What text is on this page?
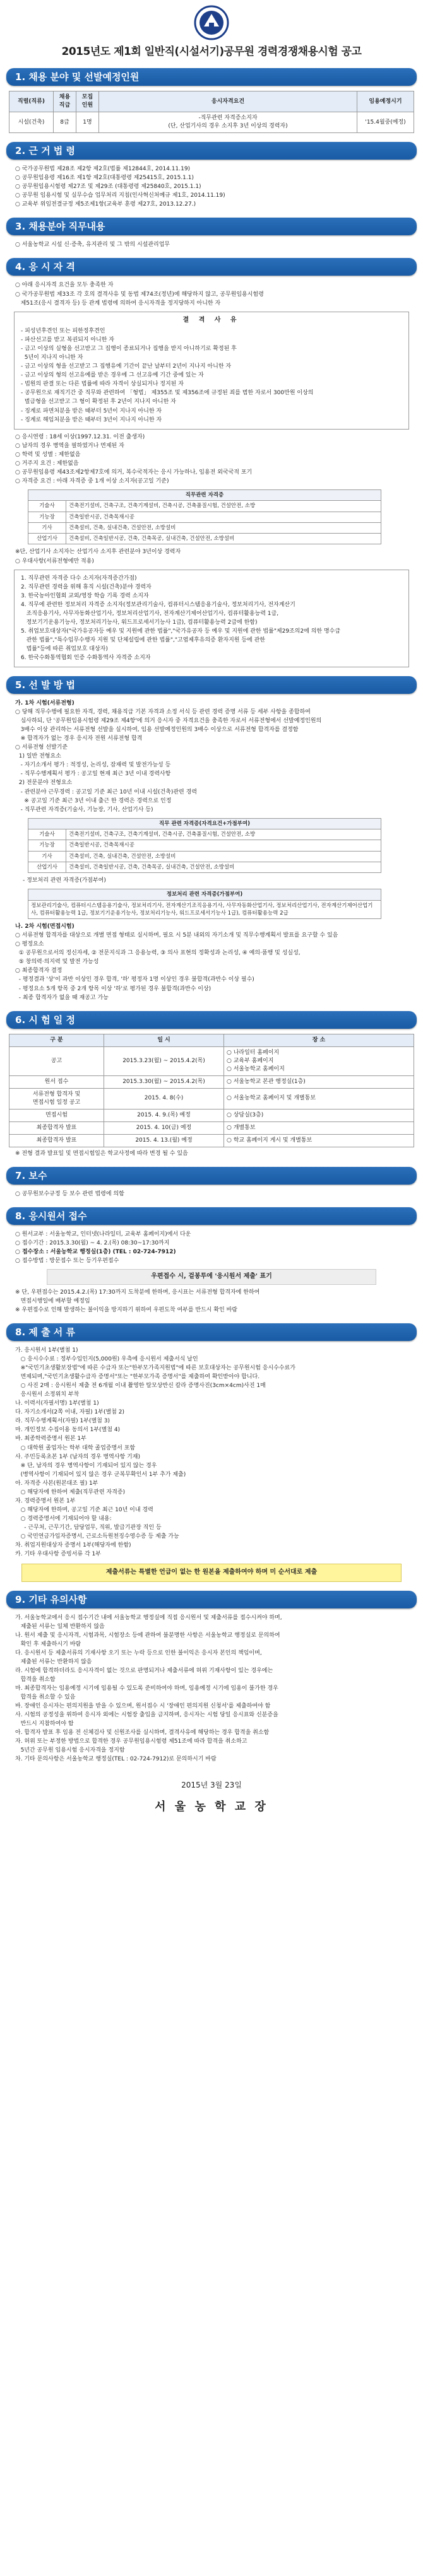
2015년도 제1회 일반직(시설서기)공무원 경력경쟁채용시험 공고
1. 채용 분야 및 선발예정인원
직렬(직류)	채용 직급	모집 인원	응시자격요건	임용예정시기
시설(건축)	8급	1명	-직무관련 자격증소지자
(단, 산업기사의 경우 소지후 3년 이상의 경력자)	'15.4월중(예정)
2. 근 거 법 령
○ 국가공무원법 제28조 제2항 제2호(법률 제12844호, 2014.11.19)
○ 공무원임용령 제16조 제1항 제2호(대통령령 제25415호, 2015.1.1)
○ 공무원임용시험령 제27조 및 제29조 (대통령령 제25840호, 2015.1.1)
○ 공무원 임용시험 및 실무수습 업무처리 지침(인사혁신처예규 제1호, 2014.11.19)
○ 교육부 위임전결규정 제5조제1항(교육부 훈령 제27호, 2013.12.27.)
3. 채용분야 직무내용
○ 서울농학교 시설 신·증축, 유지관리 및 그 밖의 시설관리업무
4. 응 시 자 격
○ 아래 응시자격 요건을 모두 충족한 자
○ 국가공무원법 제33조 각 호의 결격사유 및 동법 제74조(정년)에 해당하지 않고, 공무원임용시험령
제51조(응시 결격자 등) 등 관계 법령에 의하여 응시자격을 정지당하지 아니한 자
결 격 사 유
- 피성년후견인 또는 피한정후견인
- 파산선고를 받고 복권되지 아니한 자
- 금고 이상의 실형을 선고받고 그 집행이 종료되거나 집행을 받지 아니하기로 확정된 후
5년이 지나지 아니한 자
- 금고 이상의 형을 선고받고 그 집행유예 기간이 끝난 날부터 2년이 지나지 아니한 자
- 금고 이상의 형의 선고유예를 받은 경우에 그 선고유예 기간 중에 있는 자
- 법원의 판결 또는 다른 법률에 따라 자격이 상실되거나 정지된 자
- 공무원으로 재직기간 중 직무와 관련하여 「형법」 제355조 및 제356조에 규정된 죄를 범한 자로서 300만원 이상의
벌금형을 선고받고 그 형이 확정된 후 2년이 지나지 아니한 자
- 징계로 파면처분을 받은 때부터 5년이 지나지 아니한 자
- 징계로 해임처분을 받은 때부터 3년이 지나지 아니한 자
○ 응시연령 : 18세 이상(1997.12.31. 이전 출생자)
○ 남자의 경우 병역을 필하였거나 면제된 자
○ 학력 및 성별 : 제한없음
○ 거주지 요건 : 제한없음
○ 공무원임용령 제43조제2항제7호에 의거, 복수국적자는 응시 가능하나, 임용전 외국국적 포기
○ 자격증 요건 : 아래 자격증 중 1개 이상 소지자(공고일 기준)
직무관련 자격증	
기술사	건축전기설비, 건축구조, 건축기계설비, 건축시공, 건축품질시험, 건설안전, 소방
기능장	건축일반시공, 건축목재시공
기사	건축설비, 건축, 실내건축, 건설안전, 소방설비
산업기사	건축설비, 건축일반시공, 건축, 건축목공, 실내건축, 건설안전, 소방설비
※단, 산업기사 소지자는 산업기사 소지후 관련분야 3년이상 경력자
○ 우대사항(서류전형에만 적용)
1. 직무관련 자격증 다수 소지자(자격증간가점)
2. 직무관련 경력을 위해 휴직 시설(건축)분야 경력자
3. 한국농아인협회 교외/영장 학습 기록 경력 소지자
4. 직무에 관련한 정보처리 자격증 소지자(정보관리기술사, 컴퓨터시스템응용기술사, 정보처리기사, 전자계산기
조직응용기사, 사무자동화산업기사, 정보처리산업기사, 전자계산기제어산업기사, 컴퓨터활용능력 1급,
정보기기운용기능사, 정보처리기능사, 워드프로세서기능사 1급), 컴퓨터활용능력 2급에 한함)
5. 취업보호대상자("국가유공자등 예우 및 지원에 관한 법률","국가유공자 등 예우 및 지원에 관한 법률"제29조의2에 의한 명수급
관한 법률","특수임무수행자 지원 및 단체설립에 관한 법률","고엽제후유의증 환자지원 등에 관한
법률"등에 따른 취업보호 대상자)
6. 한국수화통역협회 인증 수화통역사 자격증 소지자
5. 선 발 방 법
가. 1차 시험(서류전형)
○ 당해 직무수행에 필요한 자격, 경력, 채용직급 기본 자격과 소정 서식 등 관련 경력 증명 서류 등 세부 사항을 종합하여
심사하되, 단 '공무원임용시험령 제29조 제4항'에 의거 응시자 중 자격요건을 충족한 자로서 서류전형에서 선발예정인원의
3배수 이상 관리하는 서류전형 선발을 실시하여, 임용 선발예정인원의 3배수 이상으로 서류전형 합격자를 결정함
※ 합격자가 없는 경우 응시자 전원 서류전형 합격
○ 서류전형 선발기준
1) 일반 전형요소
- 자기소개서 평가 : 적정성, 논리성, 잠재력 및 발전가능성 등
- 직무수행계획서 평가 : 공고일 현재 최근 3년 이내 경력사항
2) 전문분야 전형요소
- 관련분야 근무경력 : 공고일 기준 최근 10년 이내 시설(건축)관련 경력
※ 공고일 기준 최근 3년 이내 출근 한 경력은 경력으로 인정
- 직무관련 자격증(기술사, 기능장, 기사, 산업기사 등)
직무 관련 자격증(자격요건+가점부여)	
기술사	건축전기설비, 건축구조, 건축기계설비, 건축시공, 건축품질시험, 건설안전, 소방
기능장	건축일반시공, 건축목재시공
기사	건축설비, 건축, 실내건축, 건설안전, 소방설비
산업기사	건축설비, 건축일반시공, 건축, 건축목공, 실내건축, 건설안전, 소방설비
- 정보처리 관련 자격증(가점부여)
정보처리 관련 자격증(가점부여)
정보관리기술사, 컴퓨터시스템응용기술사, 정보처리기사, 전자계산기조직응용기사, 사무자동화산업기사, 정보처리산업기사, 전자계산기제어산업기사, 컴퓨터활용능력 1급, 정보기기운용기능사, 정보처리기능사, 워드프로세서기능사 1급), 컴퓨터활용능력 2급
나. 2차 시험(면접시험)
○ 서류전형 합격자를 대상으로 개별 면접 형태로 실시하며, 필요 시 5분 내외의 자기소개 및 직무수행계획서 발표를 요구할 수 있음
○ 평정요소
① 공무원으로서의 정신자세, ② 전문지식과 그 응용능력, ③ 의사 표현의 정확성과 논리성, ④ 예의·품행 및 성실성,
⑤ 창의력·의지력 및 발전 가능성
○ 최종합격자 결정
- 평정결과 '상'이 과반 이상인 경우 합격, '하' 평정자 1명 이상인 경우 불합격(과반수 이상 필수)
- 평정요소 5개 항목 중 2개 항목 이상 '하'로 평가된 경우 불합격(과반수 이상)
- 최종 합격자가 없을 때 재공고 가능
6. 시 험 일 정
구 분	일 시	장 소
공고	2015.3.23(월) ~ 2015.4.2(목)	○ 나라일터 홈페이지
○ 교육부 홈페이지
○ 서울농학교 홈페이지
원서 접수	2015.3.30(월) ~ 2015.4.2(목)	○ 서울농학교 본관 행정실(1층)
서류전형 합격자 및
면접시험 일정 공고	2015. 4. 8(수)	○ 서울농학교 홈페이지 및 개별통보
면접시험	2015. 4. 9.(목) 예정	○ 상담실(3층)
최종합격자 발표	2015. 4. 10(금) 예정	○ 개별통보
최종합격자 발표	2015. 4. 13.(월) 예정	○ 학교 홈페이지 게시 및 개별통보
※ 전형 결과 발표일 및 면접시험일은 학교사정에 따라 변경 될 수 있음
7. 보수
○ 공무원보수규정 등 보수 관련 법령에 의함
8. 응시원서 접수
○ 원서교부 : 서울농학교, 인터넷(나라일터, 교육부 홈페이지)에서 다운
○ 접수기간 : 2015.3.30(월) ~ 4. 2.(목) 08:30~17:30까지
○ 접수장소 : 서울농학교 행정실(1층) (TEL : 02-724-7912)
○ 접수방법 : 방문접수 또는 등기우편접수
우편접수 시, 겉봉투에 '응시원서 제출' 표기
※ 단, 우편접수는 2015.4.2.(목) 17:30까지 도착분에 한하며, 응시표는 서류전형 합격자에 한하여
면접시행일에 배부할 예정임
※ 우편접수로 인해 발생하는 불이익을 방지하기 위하여 우편도착 여부를 반드시 확인 바람
8. 제 출 서 류
가. 응시원서 1부(별첨 1)
○ 응시수수료 : 정부수입인지(5,000원) 우측에 응시원서 제출서식 날인
※"국민기초생활보장법"에 따른 수급자 또는"한부모가족지원법"에 따른 보호대상자는 공무원시험 응시수수료가
면제되며,"국민기초생활수급자 증명서"또는 "한부모가족 증명서"를 제출하여 확인받아야 합니다.
○ 사진 2매 : 응시원서 제출 전 6개월 이내 촬영한 탈모상반신 칼라 증명사진(3cm×4cm)사진 1매
응시원서 소정위치 부착
나. 이력서(자필서명) 1부(별첨 1)
다. 자기소개서(2쪽 이내, 자필) 1부(별첨 2)
라. 직무수행계획서(자필) 1부(별첨 3)
마. 개인정보 수집이용 동의서 1부(별첨 4)
바. 최종학력증명서 원본 1부
○ 대학원 졸업자는 학부 대학 졸업증명서 포함
사. 주민등록초본 1부 (남자의 경우 병역사항 기재)
※ 단, 남자의 경우 병역사항이 기재되어 있지 않는 경우
(병역사항이 기재되어 있지 않은 경우 군복무확인서 1부 추가 제출)
아. 자격증 사본(원본대조 필) 1부
○ 해당자에 한하여 제출(직무관련 자격증)
자. 경력증명서 원본 1부
○ 해당자에 한하며, 공고일 기준 최근 10년 이내 경력
○ 경력증명서에 기재되어야 할 내용:
- 근무처, 근무기간, 담당업무, 직위, 발급기관장 직인 등
○ 국민연금가입자증명서, 근로소득원천징수영수증 등 제출 가능
차. 취업지원대상자 증명서 1부(해당자에 한함)
카. 기타 우대사항 증빙서류 각 1부
제출서류는 특별한 언급이 없는 한 원본을 제출하여야 하며 미 순서대로 제출
9. 기타 유의사항
가. 서울농학교에서 응시 접수기간 내에 서울농학교 행정실에 직접 응시원서 및 제출서류를 접수시켜야 하며,
제출된 서류는 일체 반환하지 않음
나. 원서 제출 및 응시자격, 시험과목, 시험장소 등에 관하여 불분명한 사항은 서울농학교 행정실로 문의하여
확인 후 제출하시기 바람
다. 응시원서 등 제출서류의 기재사항 오기 또는 누락 등으로 인한 불이익은 응시자 본인의 책임이며,
제출된 서류는 반환하지 않음
라. 시험에 합격하더라도 응시자격이 없는 것으로 판명되거나 제출서류에 허위 기재사항이 있는 경우에는
합격을 취소함
마. 최종합격자는 임용예정 시기에 임용될 수 있도록 준비하여야 하며, 임용예정 시기에 임용이 불가한 경우
합격을 취소할 수 있음
바. 장애인 응시자는 편의지원을 받을 수 있으며, 원서접수 시 '장애인 편의지원 신청서'를 제출하여야 함
사. 시험의 공정성을 위하여 응시자 외에는 시험장 출입을 금지하며, 응시자는 시험 당일 응시표와 신분증을
반드시 지참하여야 함
아. 합격자 발표 후 임용 전 신체검사 및 신원조사를 실시하며, 결격사유에 해당하는 경우 합격을 취소함
자. 허위 또는 부정한 방법으로 합격한 경우 공무원임용시험령 제51조에 따라 합격을 취소하고
5년간 공무원 임용시험 응시자격을 정지함
차. 기타 문의사항은 서울농학교 행정실(TEL : 02-724-7912)로 문의하시기 바람
2015년 3월 23일
서 울 농 학 교 장
